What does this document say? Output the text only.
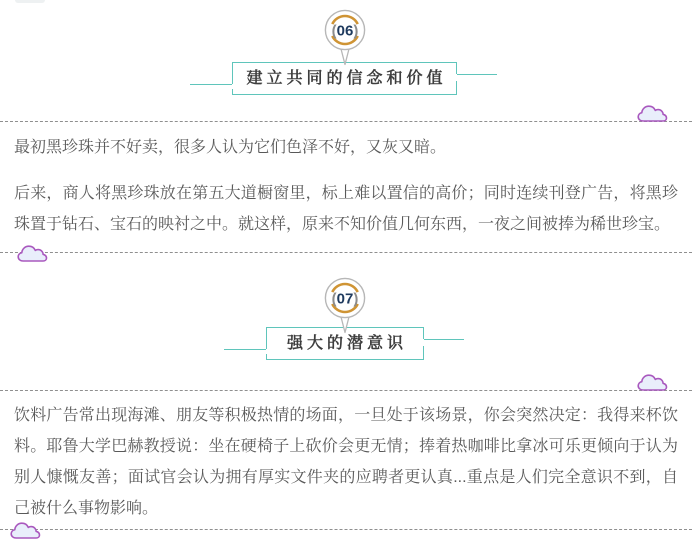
(06)
建立共同的信念和价值

最初黑珍珠并不好卖，很多人认为它们色泽不好，又灰又暗。

后来，商人将黑珍珠放在第五大道橱窗里，标上难以置信的高价；同时连续刊登广告，将黑珍珠置于钻石、宝石的映衬之中。就这样，原来不知价值几何东西，一夜之间被捧为稀世珍宝。

(07)
强大的潜意识

饮料广告常出现海滩、朋友等积极热情的场面，一旦处于该场景，你会突然决定：我得来杯饮料。耶鲁大学巴赫教授说：坐在硬椅子上砍价会更无情；捧着热咖啡比拿冰可乐更倾向于认为别人慷慨友善；面试官会认为拥有厚实文件夹的应聘者更认真...重点是人们完全意识不到，自己被什么事物影响。
